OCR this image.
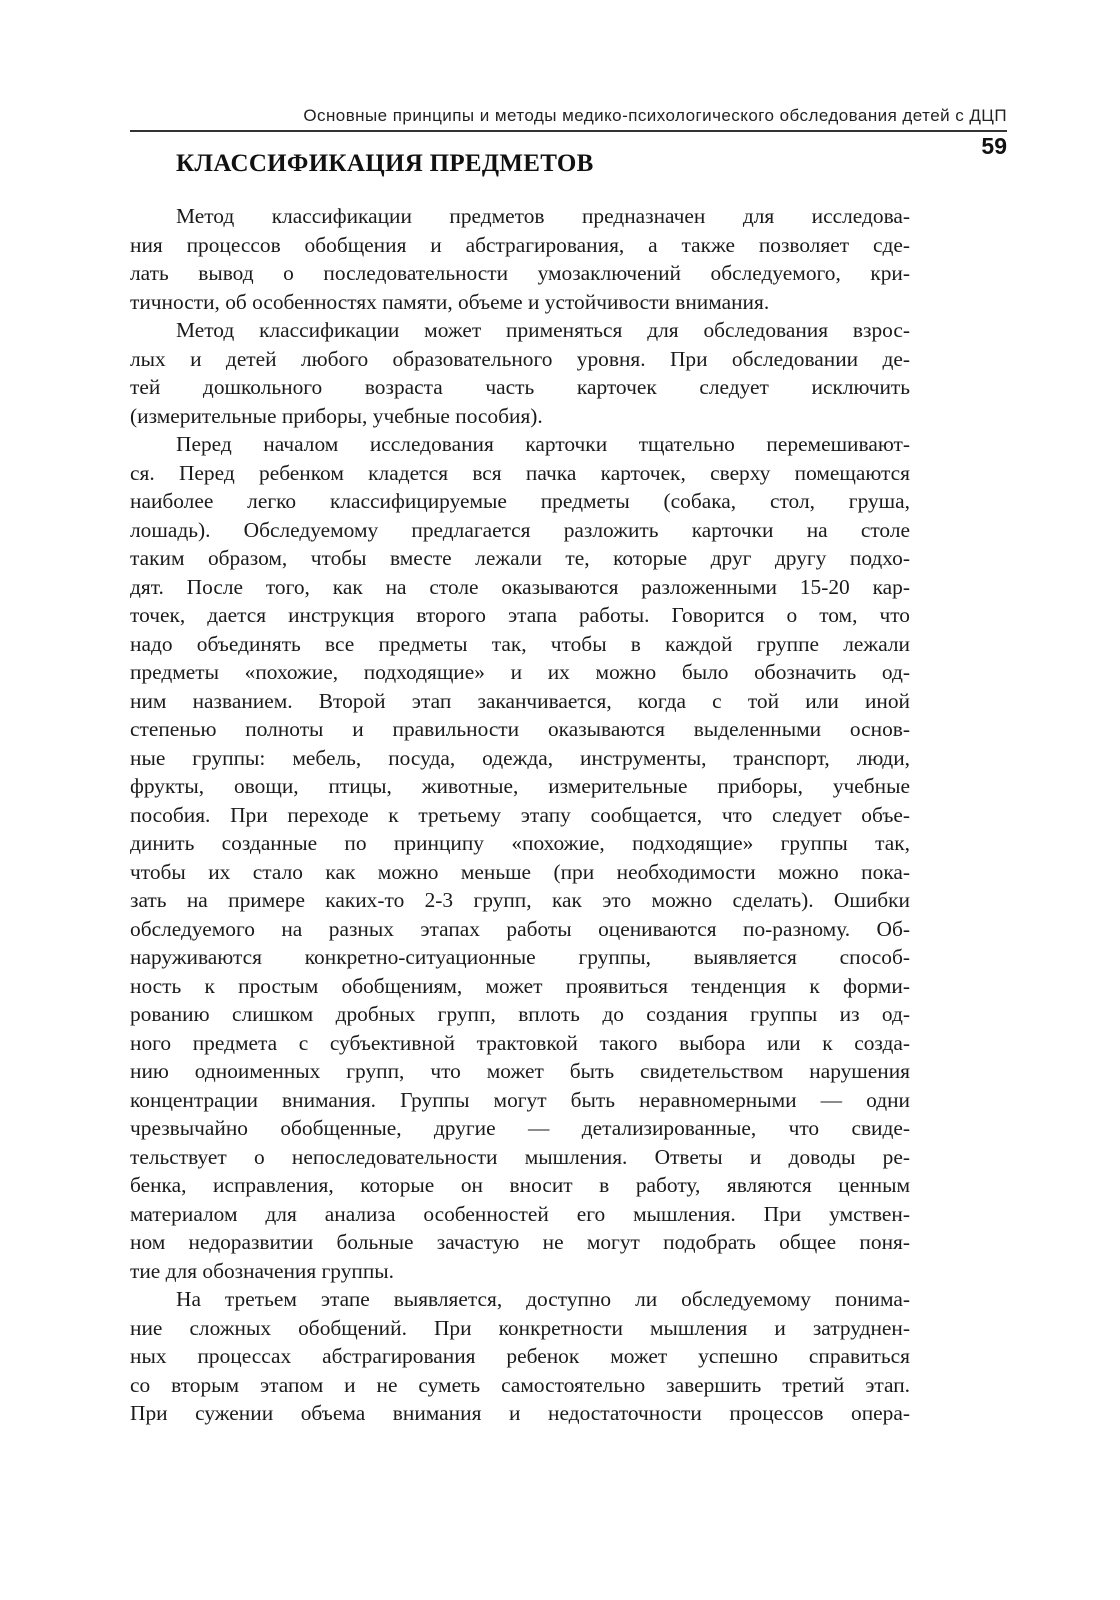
Основные принципы и методы медико-психологического обследования детей с ДЦП
59
КЛАССИФИКАЦИЯ ПРЕДМЕТОВ
Метод классификации предметов предназначен для исследова-
ния процессов обобщения и абстрагирования, а также позволяет сде-
лать вывод о последовательности умозаключений обследуемого, кри-
тичности, об особенностях памяти, объеме и устойчивости внимания.
Метод классификации может применяться для обследования взрос-
лых и детей любого образовательного уровня. При обследовании де-
тей дошкольного возраста часть карточек следует исключить
(измерительные приборы, учебные пособия).
Перед началом исследования карточки тщательно перемешивают-
ся. Перед ребенком кладется вся пачка карточек, сверху помещаются
наиболее легко классифицируемые предметы (собака, стол, груша,
лошадь). Обследуемому предлагается разложить карточки на столе
таким образом, чтобы вместе лежали те, которые друг другу подхо-
дят. После того, как на столе оказываются разложенными 15-20 кар-
точек, дается инструкция второго этапа работы. Говорится о том, что
надо объединять все предметы так, чтобы в каждой группе лежали
предметы «похожие, подходящие» и их можно было обозначить од-
ним названием. Второй этап заканчивается, когда с той или иной
степенью полноты и правильности оказываются выделенными основ-
ные группы: мебель, посуда, одежда, инструменты, транспорт, люди,
фрукты, овощи, птицы, животные, измерительные приборы, учебные
пособия. При переходе к третьему этапу сообщается, что следует объе-
динить созданные по принципу «похожие, подходящие» группы так,
чтобы их стало как можно меньше (при необходимости можно пока-
зать на примере каких-то 2-3 групп, как это можно сделать). Ошибки
обследуемого на разных этапах работы оцениваются по-разному. Об-
наруживаются конкретно-ситуационные группы, выявляется способ-
ность к простым обобщениям, может проявиться тенденция к форми-
рованию слишком дробных групп, вплоть до создания группы из од-
ного предмета с субъективной трактовкой такого выбора или к созда-
нию одноименных групп, что может быть свидетельством нарушения
концентрации внимания. Группы могут быть неравномерными — одни
чрезвычайно обобщенные, другие — детализированные, что свиде-
тельствует о непоследовательности мышления. Ответы и доводы ре-
бенка, исправления, которые он вносит в работу, являются ценным
материалом для анализа особенностей его мышления. При умствен-
ном недоразвитии больные зачастую не могут подобрать общее поня-
тие для обозначения группы.
На третьем этапе выявляется, доступно ли обследуемому понима-
ние сложных обобщений. При конкретности мышления и затруднен-
ных процессах абстрагирования ребенок может успешно справиться
со вторым этапом и не суметь самостоятельно завершить третий этап.
При сужении объема внимания и недостаточности процессов опера-
